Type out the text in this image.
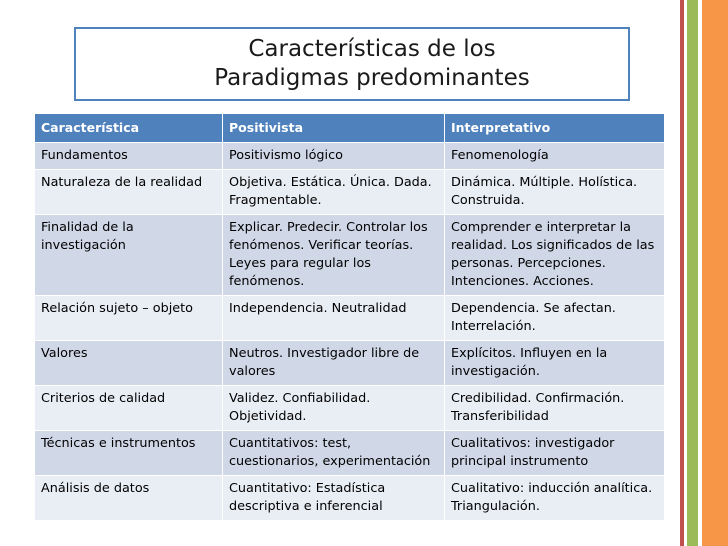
Características de los Paradigmas predominantes
Característica	Positivista	Interpretativo
Fundamentos	Positivismo lógico	Fenomenología
Naturaleza de la realidad	Objetiva. Estática. Única. Dada. Fragmentable.	Dinámica. Múltiple. Holística. Construida.
Finalidad de la investigación	Explicar. Predecir. Controlar los fenómenos. Verificar teorías. Leyes para regular los fenómenos.	Comprender e interpretar la realidad. Los significados de las personas. Percepciones. Intenciones. Acciones.
Relación sujeto – objeto	Independencia. Neutralidad	Dependencia. Se afectan. Interrelación.
Valores	Neutros. Investigador libre de valores	Explícitos. Influyen en la investigación.
Criterios de calidad	Validez. Confiabilidad. Objetividad.	Credibilidad. Confirmación. Transferibilidad
Técnicas e instrumentos	Cuantitativos: test, cuestionarios, experimentación	Cualitativos: investigador principal instrumento
Análisis de datos	Cuantitativo: Estadística descriptiva e inferencial	Cualitativo: inducción analítica. Triangulación.
